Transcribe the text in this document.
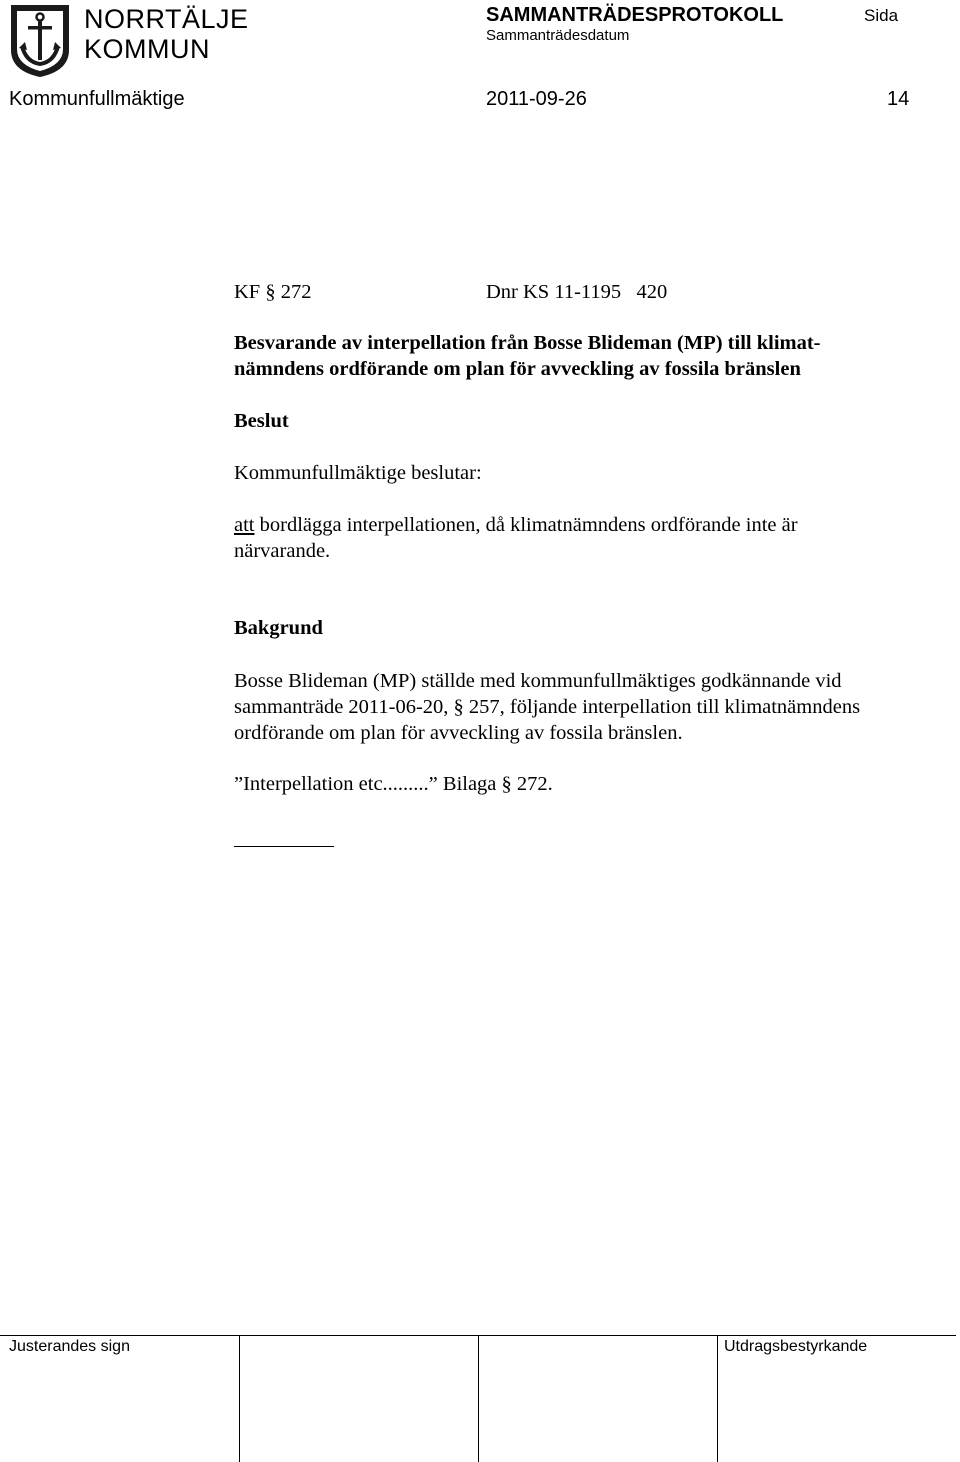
NORRTÄLJE
KOMMUN
SAMMANTRÄDESPROTOKOLL
Sammanträdesdatum
Sida
Kommunfullmäktige	2011-09-26	14
KF § 272	Dnr KS 11-1195   420
Besvarande av interpellation från Bosse Blideman (MP) till klimat-
nämndens ordförande om plan för avveckling av fossila bränslen
Beslut
Kommunfullmäktige beslutar:
att bordlägga interpellationen, då klimatnämndens ordförande inte är
närvarande.
Bakgrund
Bosse Blideman (MP) ställde med kommunfullmäktiges godkännande vid
sammanträde 2011-06-20, § 257, följande interpellation till klimatnämndens
ordförande om plan för avveckling av fossila bränslen.
”Interpellation etc.........” Bilaga § 272.
Justerandes sign	Utdragsbestyrkande
